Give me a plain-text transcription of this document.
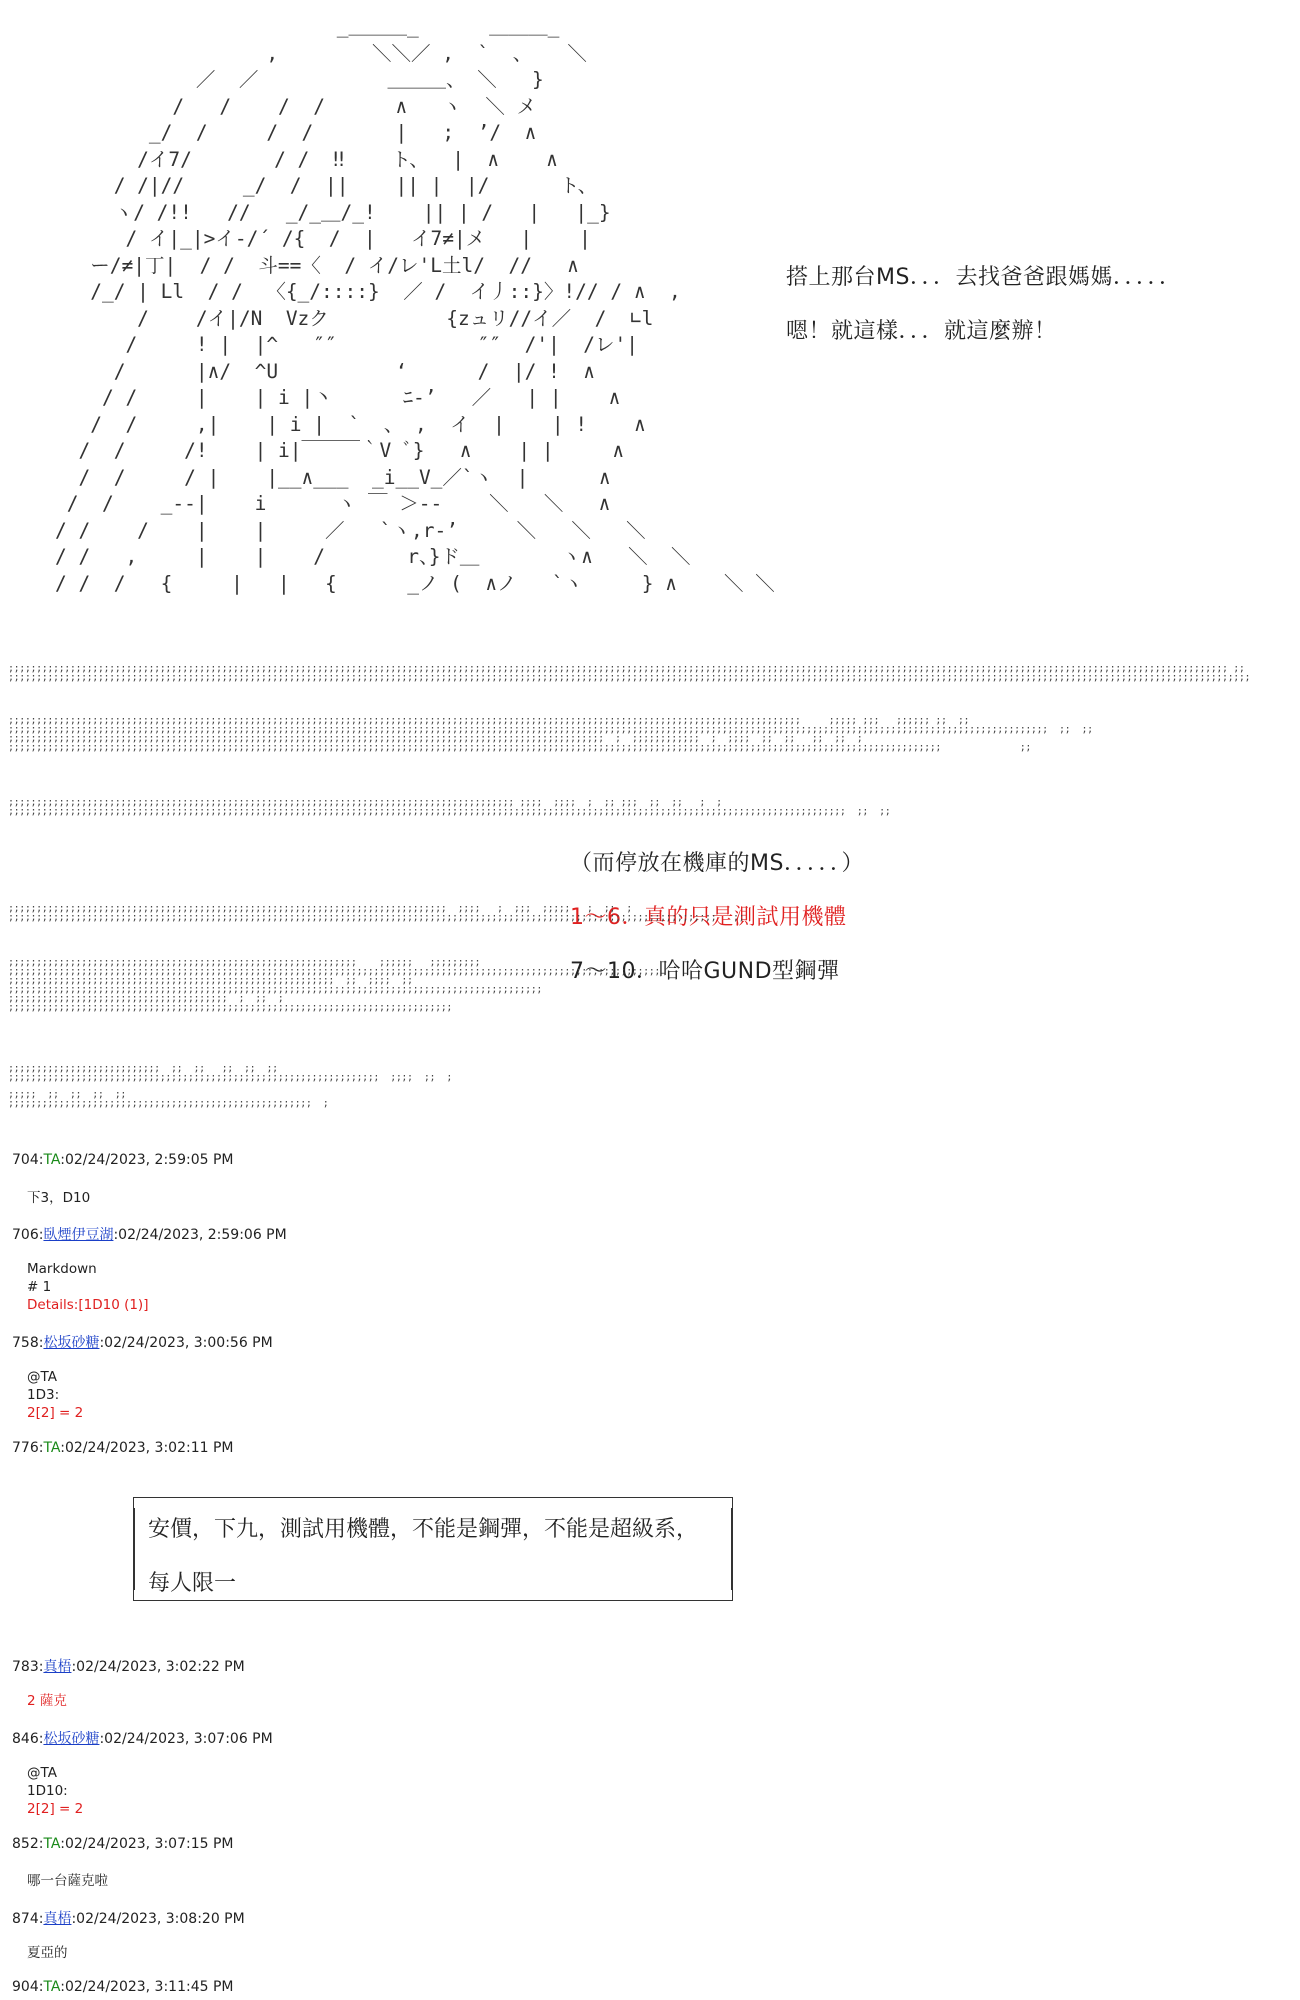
_＿＿＿_      ＿＿＿_
,        ＼＼／ ,  `  、   ＼
／  ／           ＿＿＿、 ＼   }
/   /    /  /      ∧   ヽ  ＼ メ
_/  /     /  /       |   ;  ’/  ∧
/イ7/       / /  ‼    ト、  |  ∧    ∧
/ /|//     _/  /  ||    || |  |/      ト、
ヽ/ /!!   //   _/_＿/_!    || | /   |   |_}
/ イ|_|>イ-/´ /{  /  |   イ7≠|メ   |    |
ー/≠|丁|  / /  斗==〈  / イ/レ'L土l/  //   ∧
/_/ | Ll  / /  〈{_/::::}  ／ /  イ丿::}〉!// / ∧  ,
/    /イ|/N  Vzク          {zュリ//イ／  /  ∟l
/     ! |  |^   ″″            ″″  /'|  /レ'|
/      |∧/  ^U          ‘      /  |/ !  ∧
/ /     |    | i |丶      ﾆ-’   ／   | |    ∧
/  /     ,|    | i |  `  、 ,  イ  |    | !    ∧
/  /     /!    | i|￣￣￣｀V ﾞ}   ∧    | |     ∧
/  /     / |    |__∧___  _i__V_／`ヽ  |      ∧
/  /    _-‐|    i      ヽ ￣ ＞‐-    ＼   ＼   ∧
/ /    /    |    |     ／   `ヽ,r‐’     ＼   ＼   ＼
/ /   ,     |    |    /       r、}ド＿       ヽ∧   ＼  ＼
/ /  /   {     |   |   {      _ノ (  ∧ノ   `ヽ     } ∧    ＼ ＼
搭上那台MS．．．去找爸爸跟媽媽．．．．．
嗯！就這樣．．．就這麼辦！
（而停放在機庫的MS．．．．．）
1～6．真的只是測試用機體
7～10．哈哈GUND型鋼彈
;;;;;;;;;;;;;;;;;;;;;;;;;;;;;;;;;;;;;;;;;;;;;;;;;;;;;;;;;;;;;;;;;;;;;;;;;;;;;;;;;;;;;;;;;;;;;;;;;;;;;;;;;;;;;;;;;;;;;;;;;;;;;;;;;;;;;;;;;;;;;;;;;;;;;;;;;;;;;;;;;;;;;;;;;;;;;;;;;;;;;;;;;;;;;;;;;;;;;;;;;;;;;;;;;;;;;;;;; ;;
;;;;;;;;;;;;;;;;;;;;;;;;;;;;;;;;;;;;;;;;;;;;;;;;;;;;;;;;;;;;;;;;;;;;;;;;;;;;;;;;;;;;;;;;;;;;;;;;;;;;;;;;;;;;;;;;;;;;;;;;;;;;;;;;;;;;;;;;;;;;;;;;;;;;;;;;;;;;;;;;;;;;;;;;;;;;;;;;;;;;;;;;;;;;;;;;;;;;;;;;;;;;;;;;;;;;;;;;;;;;;
;;;;;;;;;;;;;;;;;;;;;;;;;;;;;;;;;;;;;;;;;;;;;;;;;;;;;;;;;;;;;;;;;;;;;;;;;;;;;;;;;;;;;;;;;;;;;;;;;;;;;;;;;;;;;;;;;;;;;;;;;;;;;;;;;;;;;;;;;;;;;     ;;;;; ;;;   ;;;;;; ;;  ;;
;;;;;;;;;;;;;;;;;;;;;;;;;;;;;;;;;;;;;;;;;;;;;;;;;;;;;;;;;;;;;;;;;;;;;;;;;;;;;;;;;;;;;;;;;;;;;;;;;;;;;;;;;;;;;;;;;;;;;;;;;;;;;;;;;;;;;;;;;;;;;;;;;;;;;;;;;;;;;;;;;;;;;;;;;;;;;;;;;;;;;;;;;  ;;  ;;
;;;;;;;;;;;;;;;;;;;;;;;;;;;;;;;;;;;;;;;;;;;;;;;;;;;;;;;;;;;;;;;;;;;;;;;;;;;;;;;;;;;;;;;;;;;;;;;;;;;;;;;;;;  ;  ;;;;;;;;;;;;  ;  ;;;;  ;;  ;;   ;;  ;;  ;
;;;;;;;;;;;;;;;;;;;;;;;;;;;;;;;;;;;;;;;;;;;;;;;;;;;;;;;;;;;;;;;;;;;;;;;;;;;;;;;;;;;;;;;;;;;;;;;;;;;;;;;;;;;;;;;;;;;;;;;;;;;;;;;;;;;;;;;;;;;;;;;;;;;;;;;;;;;;;;;;;;;;;;              ;;
;;;;;;;;;;;;;;;;;;;;;;;;;;;;;;;;;;;;;;;;;;;;;;;;;;;;;;;;;;;;;;;;;;;;;;;;;;;;;;;;;;;;;;;;;; ;;;;  ;;;;  ;  ;; ;;;  ;;  ;;   ;  ;
;;;;;;;;;;;;;;;;;;;;;;;;;;;;;;;;;;;;;;;;;;;;;;;;;;;;;;;;;;;;;;;;;;;;;;;;;;;;;;;;;;;;;;;;;;;;;;;;;;;;;;;;;;;;;;;;;;;;;;;;;;;;;;;;;;;;;;;;;;;;;;;;;;;;;  ;;  ;;
;;;;;;;;;;;;;;;;;;;;;;;;;;;;;;;;;;;;;;;;;;;;;;;;;;;;;;;;;;;;;;;;;;;;;;;;;;;;;;  ;;;;   ;  ;;;  ;;;;;   ;  ;;  ;
;;;;;;;;;;;;;;;;;;;;;;;;;;;;;;;;;;;;;;;;;;;;;;;;;;;;;;;;;;;;;;;;;;;;;;;;;;;;;;;;;;;;;;;;;;;;;;;;;;;;;;;;;;;;;;;;;;;;;;;;;;;;;;   ;;
;;;;;;;;;;;;;;;;;;;;;;;;;;;;;;;;;;;;;;;;;;;;;;;;;;;;;;;;;;;;;;    ;;;;;;   ;;;;;;;;;
;;;;;;;;;;;;;;;;;;;;;;;;;;;;;;;;;;;;;;;;;;;;;;;;;;;;;;;;;;;;;;;;;;;;;;;;;;;;;;;;;;;;;;;;;;;;;;;;;;;;;;;;;;;;;;;;;;;;
;;;;;;;;;;;;;;;;;;;;;;;;;;;;;;;;;;;;;;;;;;;;;;;;;;;;;;;;;;  ;;  ;;;;  ;;
;;;;;;;;;;;;;;;;;;;;;;;;;;;;;;;;;;;;;;;;;;;;;;;;;;;;;;;;;;;;;;;;;;;;;;;;;;;;;;;;;;;;;;;;;;;;;;;
;;;;;;;;;;;;;;;;;;;;;;;;;;;;;;;;;;;;;;;  ;  ;;  ;
;;;;;;;;;;;;;;;;;;;;;;;;;;;;;;;;;;;;;;;;;;;;;;;;;;;;;;;;;;;;;;;;;;;;;;;;;;;;;;;
;;;;;;;;;;;;;;;;;;;;;;;;;;;  ;;  ;;   ;;  ;;  ;;
;;;;;;;;;;;;;;;;;;;;;;;;;;;;;;;;;;;;;;;;;;;;;;;;;;;;;;;;;;;;;;;;;;  ;;;;  ;;  ;
;;;;;  ;;  ;;  ;;  ;;
;;;;;;;;;;;;;;;;;;;;;;;;;;;;;;;;;;;;;;;;;;;;;;;;;;;;;;  ;
704:TA:02/24/2023, 2:59:05 PM
下3，D10
706:臥煙伊豆湖:02/24/2023, 2:59:06 PM
Markdown
# 1
Details:[1D10 (1)]
758:松坂砂糖:02/24/2023, 3:00:56 PM
@TA
1D3:
2[2] = 2
776:TA:02/24/2023, 3:02:11 PM
安價，下九，測試用機體，不能是鋼彈，不能是超級系，
每人限一
783:真梧:02/24/2023, 3:02:22 PM
2 薩克
846:松坂砂糖:02/24/2023, 3:07:06 PM
@TA
1D10:
2[2] = 2
852:TA:02/24/2023, 3:07:15 PM
哪一台薩克啦
874:真梧:02/24/2023, 3:08:20 PM
夏亞的
904:TA:02/24/2023, 3:11:45 PM
